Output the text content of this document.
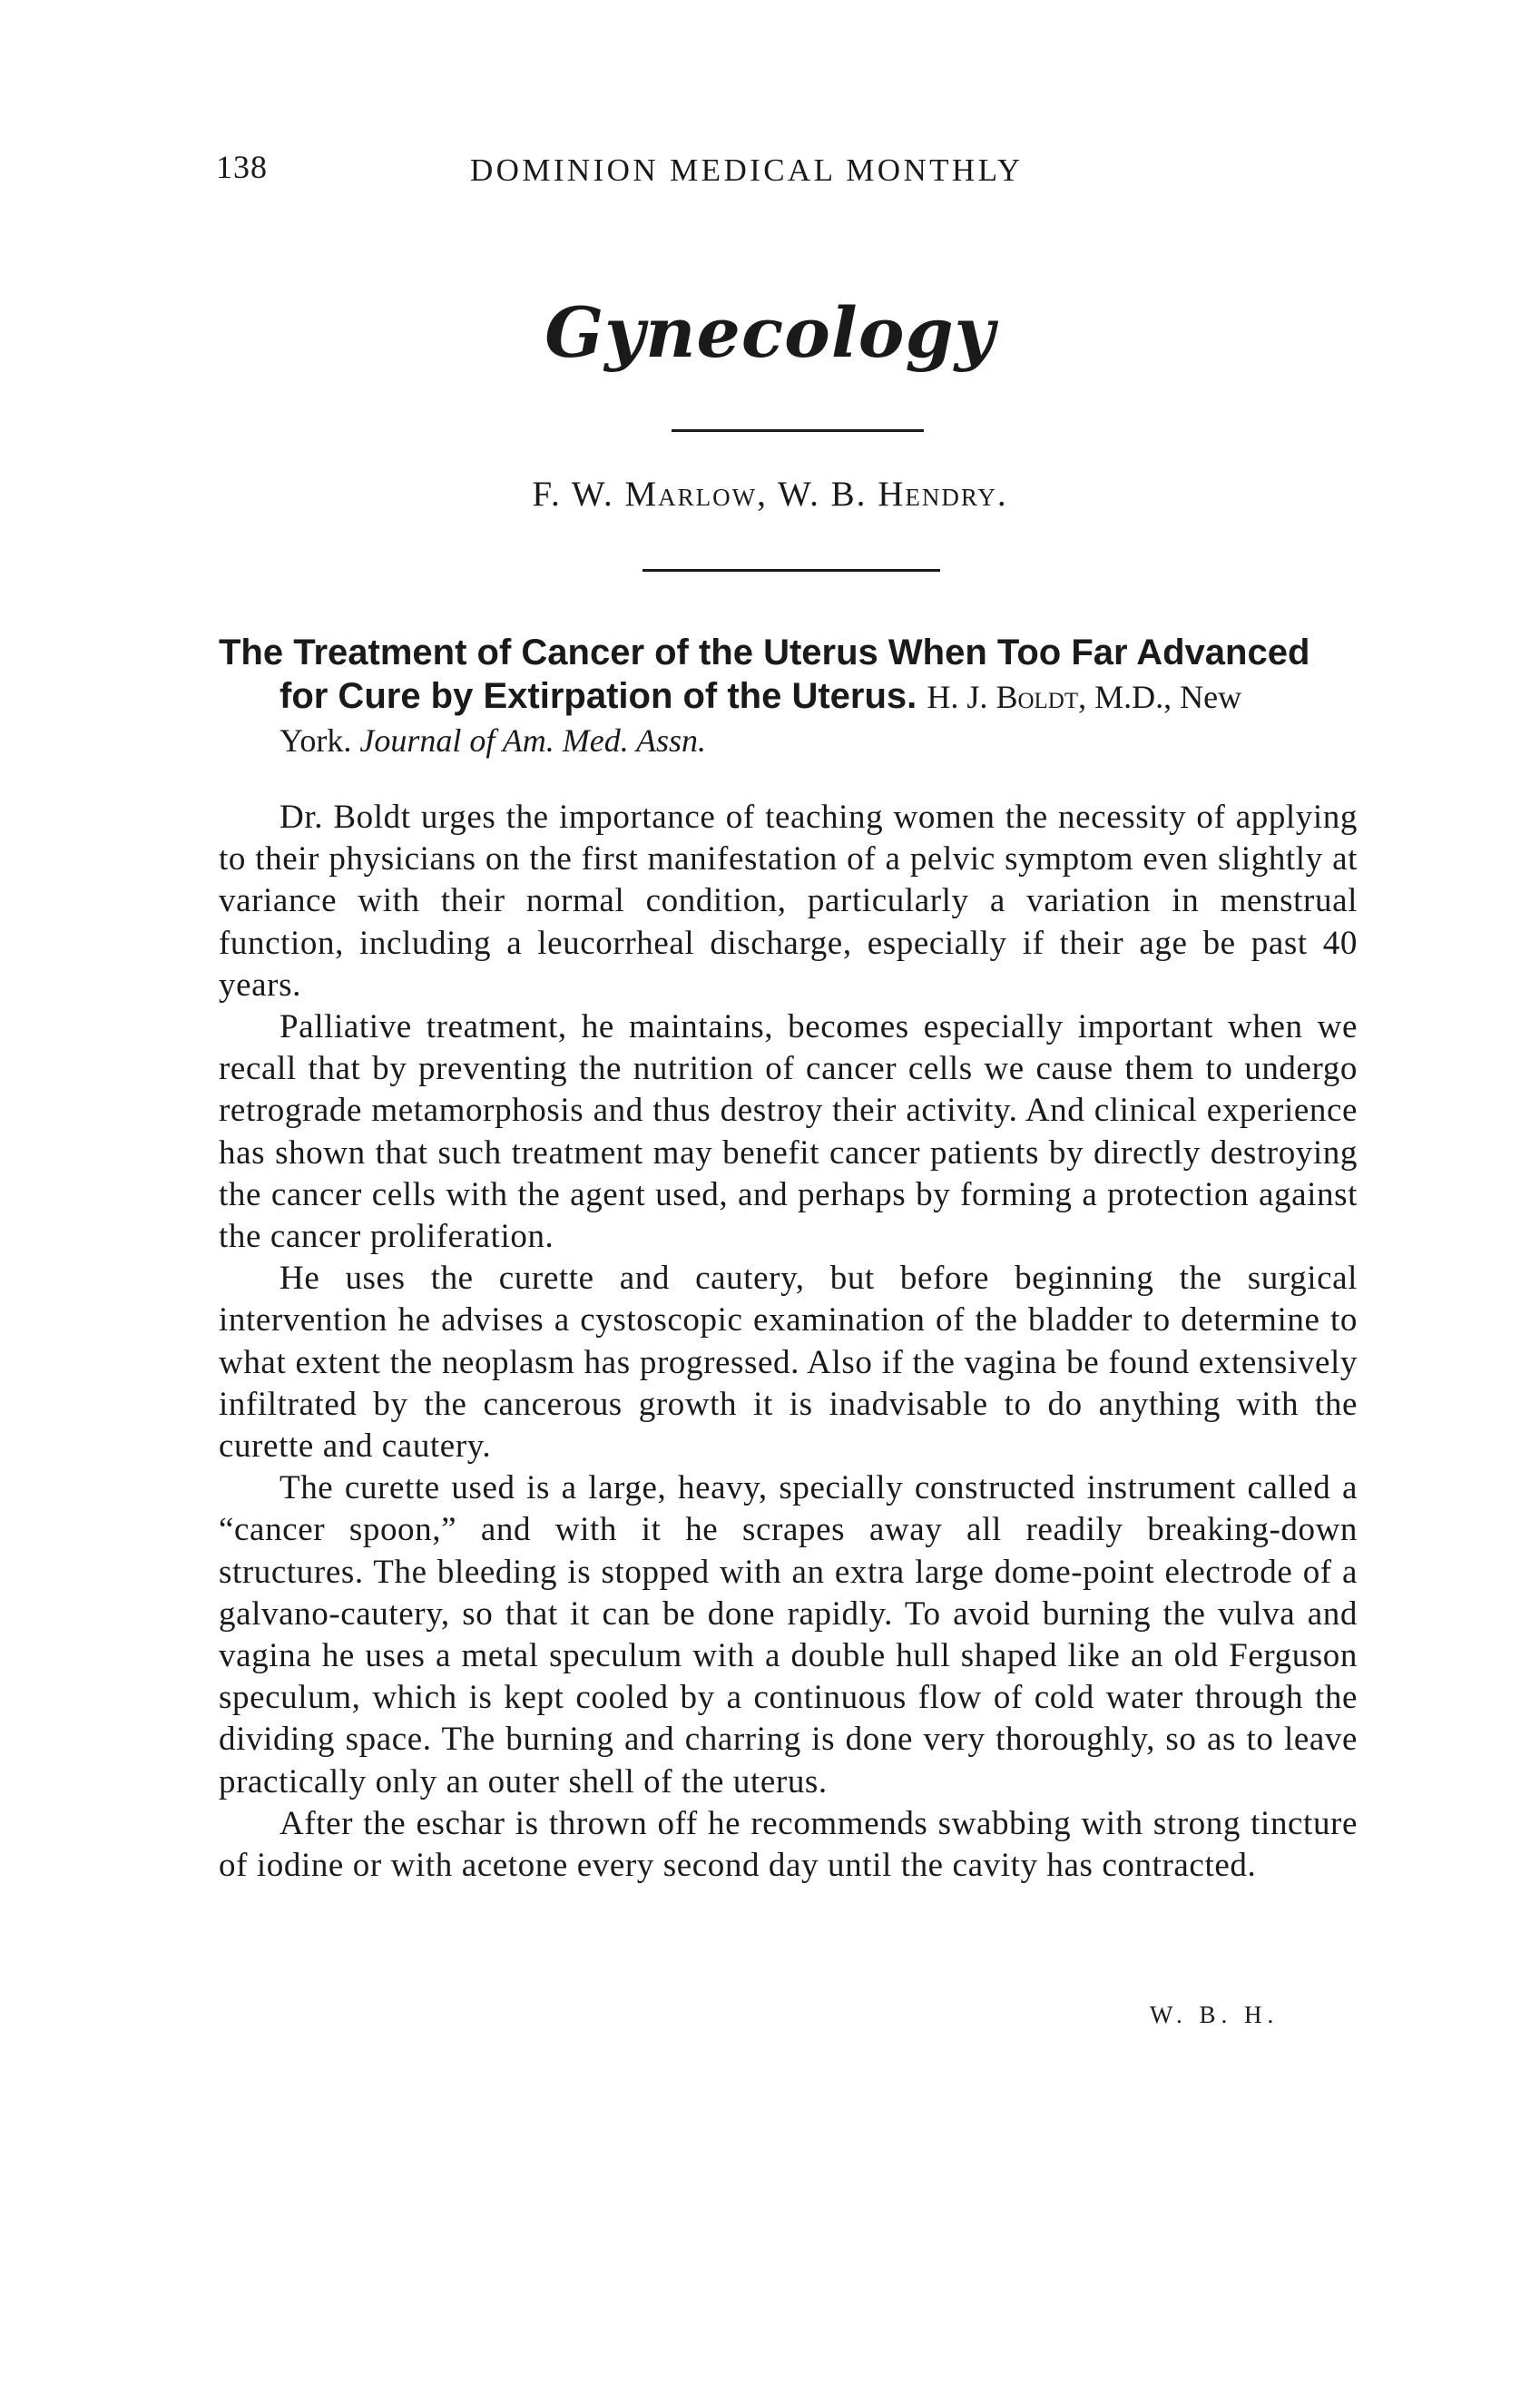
138	DOMINION MEDICAL MONTHLY
Gynecology
F. W. Marlow, W. B. Hendry.

The Treatment of Cancer of the Uterus When Too Far Advanced
for Cure by Extirpation of the Uterus. H. J. Boldt, M.D., New

York. Journal of Am. Med. Assn.

Dr. Boldt urges the importance of teaching women the necessity of applying to their physicians on the first manifestation of a pelvic symptom even slightly at variance with their normal condition, particularly a variation in menstrual function, including a leucorrheal discharge, especially if their age be past 40 years.

Palliative treatment, he maintains, becomes especially important when we recall that by preventing the nutrition of cancer cells we cause them to undergo retrograde metamorphosis and thus destroy their activity. And clinical experience has shown that such treatment may benefit cancer patients by directly destroying the cancer cells with the agent used, and perhaps by forming a protection against the cancer proliferation.

He uses the curette and cautery, but before beginning the surgical intervention he advises a cystoscopic examination of the bladder to determine to what extent the neoplasm has progressed. Also if the vagina be found extensively infiltrated by the cancerous growth it is inadvisable to do anything with the curette and cautery.

The curette used is a large, heavy, specially constructed instrument called a “cancer spoon,” and with it he scrapes away all readily breaking-down structures. The bleeding is stopped with an extra large dome-point electrode of a galvano-cautery, so that it can be done rapidly. To avoid burning the vulva and vagina he uses a metal speculum with a double hull shaped like an old Ferguson speculum, which is kept cooled by a continuous flow of cold water through the dividing space. The burning and charring is done very thoroughly, so as to leave practically only an outer shell of the uterus.

After the eschar is thrown off he recommends swabbing with strong tincture of iodine or with acetone every second day until the cavity has contracted.

W. B. H.
